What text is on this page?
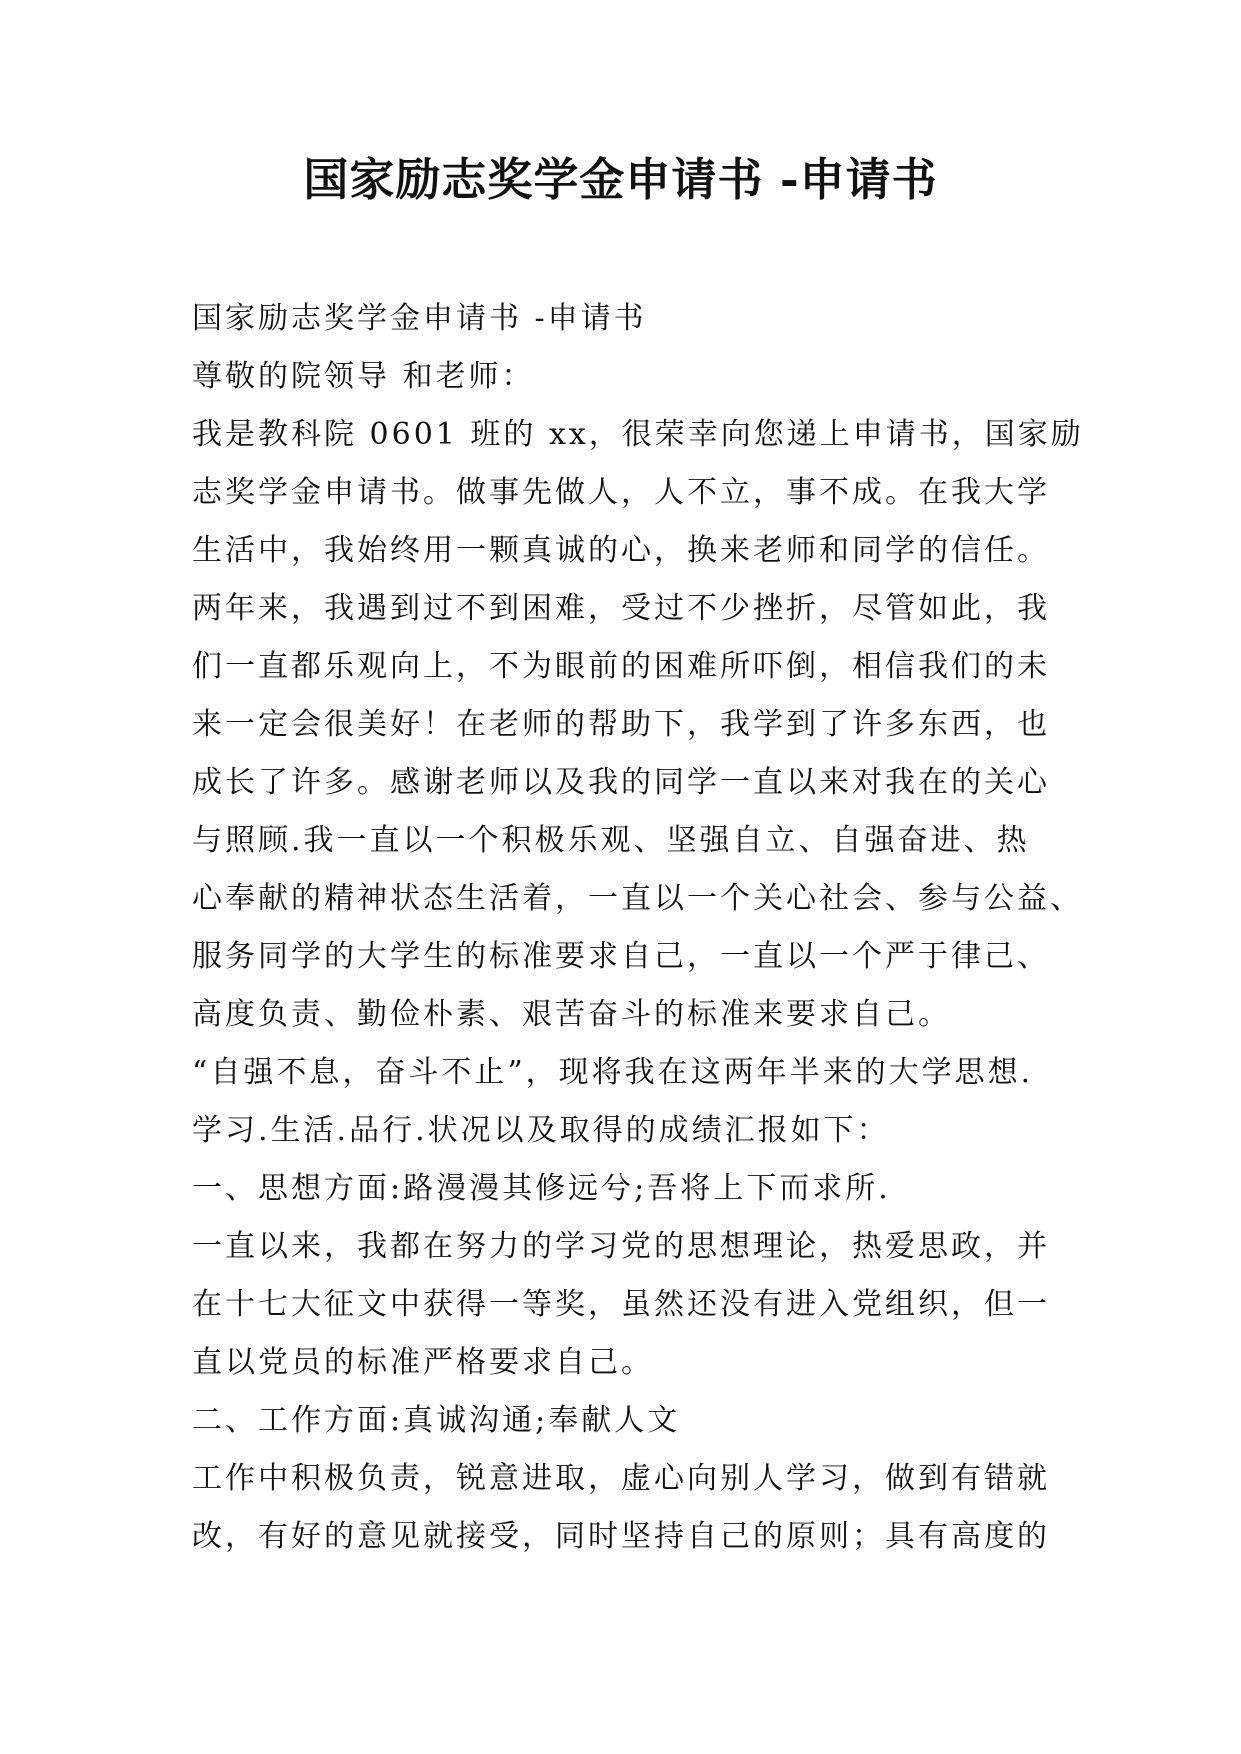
国家励志奖学金申请书 -申请书
国家励志奖学金申请书 -申请书
尊敬的院领导 和老师：
我是教科院 0601 班的 xx，很荣幸向您递上申请书，国家励
志奖学金申请书。做事先做人，人不立，事不成。在我大学
生活中，我始终用一颗真诚的心，换来老师和同学的信任。
两年来，我遇到过不到困难，受过不少挫折，尽管如此，我
们一直都乐观向上，不为眼前的困难所吓倒，相信我们的未
来一定会很美好！在老师的帮助下，我学到了许多东西，也
成长了许多。感谢老师以及我的同学一直以来对我在的关心
与照顾.我一直以一个积极乐观、坚强自立、自强奋进、热
心奉献的精神状态生活着，一直以一个关心社会、参与公益、
服务同学的大学生的标准要求自己，一直以一个严于律己、
高度负责、勤俭朴素、艰苦奋斗的标准来要求自己。
“自强不息，奋斗不止”，现将我在这两年半来的大学思想.
学习.生活.品行.状况以及取得的成绩汇报如下：
一、思想方面:路漫漫其修远兮;吾将上下而求所.
一直以来，我都在努力的学习党的思想理论，热爱思政，并
在十七大征文中获得一等奖，虽然还没有进入党组织，但一
直以党员的标准严格要求自己。
二、工作方面:真诚沟通;奉献人文
工作中积极负责，锐意进取，虚心向别人学习，做到有错就
改，有好的意见就接受，同时坚持自己的原则；具有高度的
